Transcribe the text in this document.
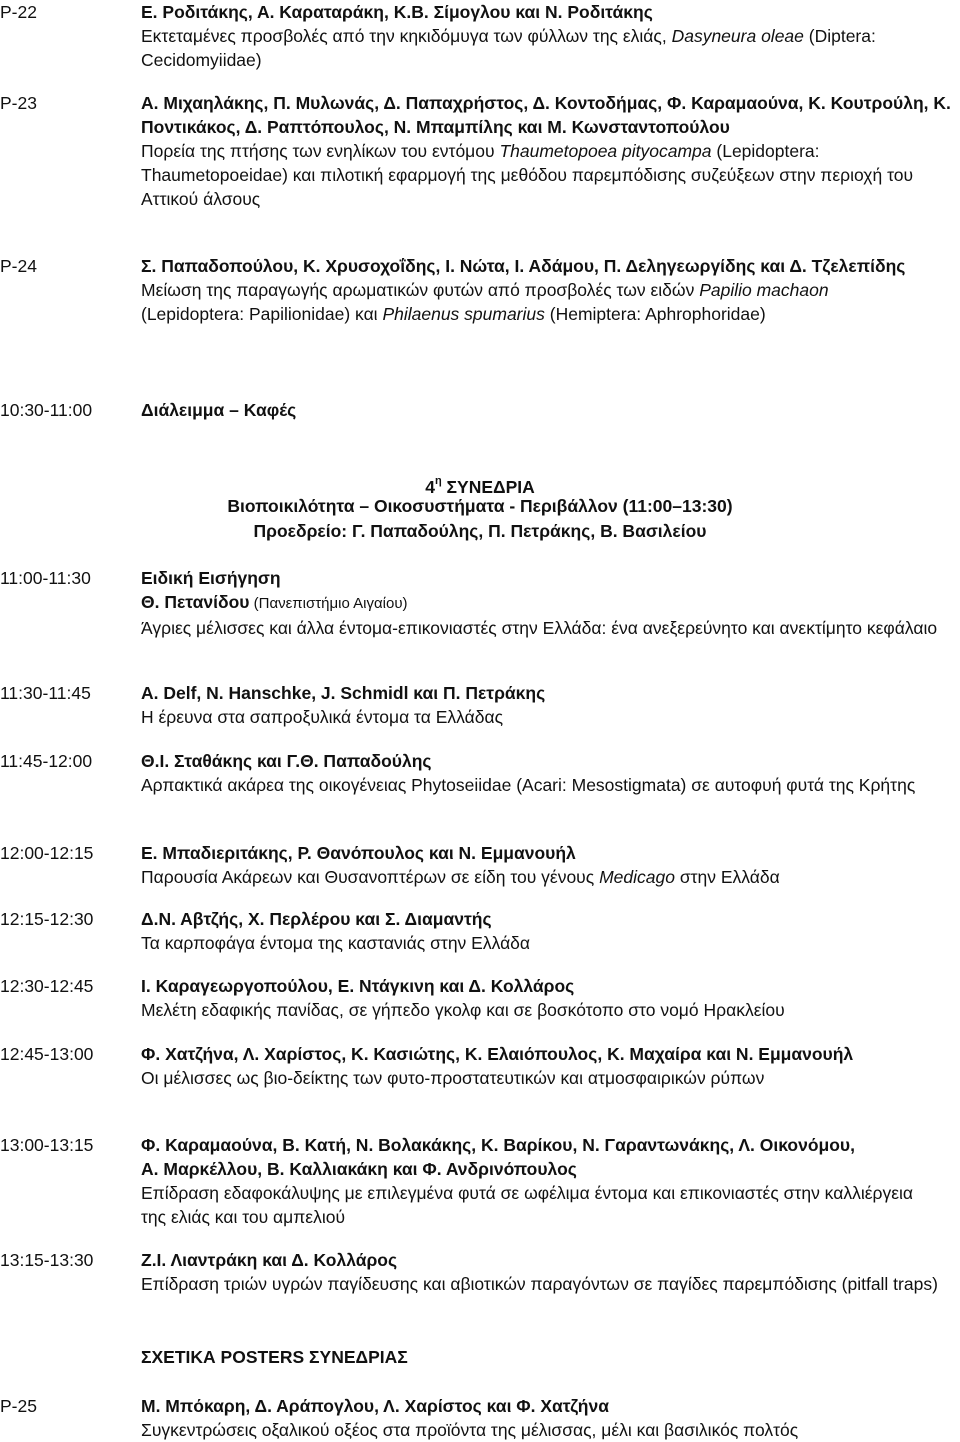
P-22	Ε. Ροδιτάκης, Α. Καραταράκη, Κ.Β. Σίμογλου και Ν. Ροδιτάκης
Εκτεταμένες προσβολές από την κηκιδόμυγα των φύλλων της ελιάς, Dasyneura oleae (Diptera: Cecidomyiidae)
P-23	Α. Μιχαηλάκης, Π. Μυλωνάς, Δ. Παπαχρήστος, Δ. Κοντοδήμας, Φ. Καραμαούνα, Κ. Κουτρούλη, Κ. Ποντικάκος, Δ. Ραπτόπουλος, Ν. Μπαμπίλης και Μ. Κωνσταντοπούλου
Πορεία της πτήσης των ενηλίκων του εντόμου Thaumetopoea pityocampa (Lepidoptera: Thaumetopoeidae) και πιλοτική εφαρμογή της μεθόδου παρεμπόδισης συζεύξεων στην περιοχή του Αττικού άλσους
P-24	Σ. Παπαδοπούλου, Κ. Χρυσοχοΐδης, Ι. Νώτα, Ι. Αδάμου, Π. Δεληγεωργίδης και Δ. Τζελεπίδης
Μείωση της παραγωγής αρωματικών φυτών από προσβολές των ειδών Papilio machaon (Lepidoptera: Papilionidae) και Philaenus spumarius (Hemiptera: Aphrophoridae)
10:30-11:00	Διάλειμμα – Καφές
$4^\eta$ ΣΥΝΕΔΡΙΑ
Βιοποικιλότητα – Οικοσυστήματα - Περιβάλλον (11:00–13:30)
Προεδρείο: Γ. Παπαδούλης, Π. Πετράκης, Β. Βασιλείου
11:00-11:30	Ειδική Εισήγηση
Θ. Πετανίδου (Πανεπιστήμιο Αιγαίου)
Άγριες μέλισσες και άλλα έντομα-επικονιαστές στην Ελλάδα: ένα ανεξερεύνητο και ανεκτίμητο κεφάλαιο
11:30-11:45	A. Delf, N. Hanschke, J. Schmidl και Π. Πετράκης
Η έρευνα στα σαπροξυλικά έντομα τα Ελλάδας
11:45-12:00	Θ.Ι. Σταθάκης και Γ.Θ. Παπαδούλης
Αρπακτικά ακάρεα της οικογένειας Phytoseiidae (Acari: Mesostigmata) σε αυτοφυή φυτά της Κρήτης
12:00-12:15	Ε. Μπαδιεριτάκης, Ρ. Θανόπουλος και Ν. Εμμανουήλ
Παρουσία Ακάρεων και Θυσανοπτέρων σε είδη του γένους Medicago στην Ελλάδα
12:15-12:30	Δ.Ν. Αβτζής, Χ. Περλέρου και Σ. Διαμαντής
Τα καρποφάγα έντομα της καστανιάς στην Ελλάδα
12:30-12:45	Ι. Καραγεωργοπούλου, Ε. Ντάγκινη και Δ. Κολλάρος
Μελέτη εδαφικής πανίδας, σε γήπεδο γκολφ και σε βοσκότοπο στο νομό Ηρακλείου
12:45-13:00	Φ. Χατζήνα, Λ. Χαρίστος, Κ. Κασιώτης, Κ. Ελαιόπουλος, Κ. Μαχαίρα και Ν. Εμμανουήλ
Οι μέλισσες ως βιο-δείκτης των φυτο-προστατευτικών και ατμοσφαιρικών ρύπων
13:00-13:15	Φ. Καραμαούνα, Β. Κατή, Ν. Βολακάκης, Κ. Βαρίκου, Ν. Γαραντωνάκης, Λ. Οικονόμου, Α. Μαρκέλλου, Β. Καλλιακάκη και Φ. Ανδρινόπουλος
Επίδραση εδαφοκάλυψης με επιλεγμένα φυτά σε ωφέλιμα έντομα και επικονιαστές στην καλλιέργεια της ελιάς και του αμπελιού
13:15-13:30	Ζ.Ι. Λιαντράκη και Δ. Κολλάρος
Επίδραση τριών υγρών παγίδευσης και αβιοτικών παραγόντων σε παγίδες παρεμπόδισης (pitfall traps)
ΣΧΕΤΙΚΑ POSTERS ΣΥΝΕΔΡΙΑΣ
P-25	Μ. Μπόκαρη, Δ. Αράπογλου, Λ. Χαρίστος και Φ. Χατζήνα
Συγκεντρώσεις οξαλικού οξέος στα προϊόντα της μέλισσας, μέλι και βασιλικός πολτός
